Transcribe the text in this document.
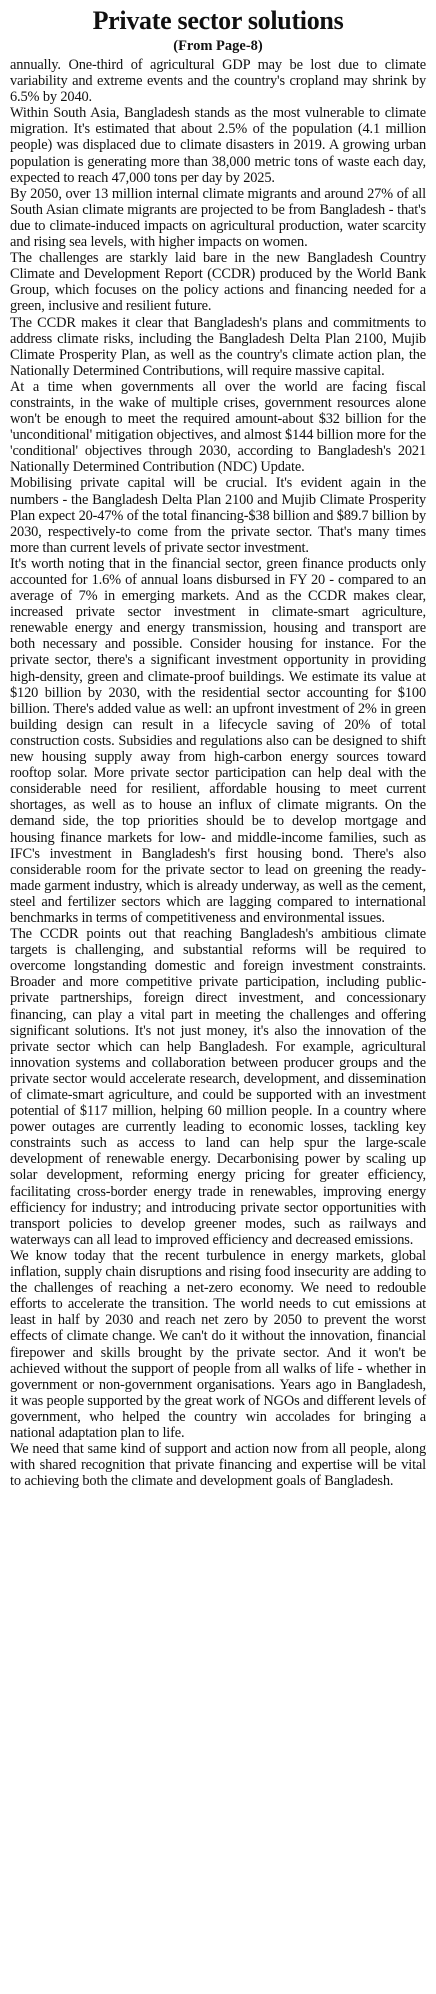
Private sector solutions
(From Page-8)

annually. One-third of agricultural GDP may be lost due to climate variability and extreme events and the country's cropland may shrink by 6.5% by 2040.

Within South Asia, Bangladesh stands as the most vulnerable to climate migration. It's estimated that about 2.5% of the population (4.1 million people) was displaced due to climate disasters in 2019. A growing urban population is generating more than 38,000 metric tons of waste each day, expected to reach 47,000 tons per day by 2025.

By 2050, over 13 million internal climate migrants and around 27% of all South Asian climate migrants are projected to be from Bangladesh - that's due to climate-induced impacts on agricultural production, water scarcity and rising sea levels, with higher impacts on women.

The challenges are starkly laid bare in the new Bangladesh Country Climate and Development Report (CCDR) produced by the World Bank Group, which focuses on the policy actions and financing needed for a green, inclusive and resilient future.

The CCDR makes it clear that Bangladesh's plans and commitments to address climate risks, including the Bangladesh Delta Plan 2100, Mujib Climate Prosperity Plan, as well as the country's climate action plan, the Nationally Determined Contributions, will require massive capital.

At a time when governments all over the world are facing fiscal constraints, in the wake of multiple crises, government resources alone won't be enough to meet the required amount-about $32 billion for the 'unconditional' mitigation objectives, and almost $144 billion more for the 'conditional' objectives through 2030, according to Bangladesh's 2021 Nationally Determined Contribution (NDC) Update.

Mobilising private capital will be crucial. It's evident again in the numbers - the Bangladesh Delta Plan 2100 and Mujib Climate Prosperity Plan expect 20-47% of the total financing-$38 billion and $89.7 billion by 2030, respectively-to come from the private sector. That's many times more than current levels of private sector investment.

It's worth noting that in the financial sector, green finance products only accounted for 1.6% of annual loans disbursed in FY 20 - compared to an average of 7% in emerging markets. And as the CCDR makes clear, increased private sector investment in climate-smart agriculture, renewable energy and energy transmission, housing and transport are both necessary and possible. Consider housing for instance. For the private sector, there's a significant investment opportunity in providing high-density, green and climate-proof buildings. We estimate its value at $120 billion by 2030, with the residential sector accounting for $100 billion. There's added value as well: an upfront investment of 2% in green building design can result in a lifecycle saving of 20% of total construction costs. Subsidies and regulations also can be designed to shift new housing supply away from high-carbon energy sources toward rooftop solar. More private sector participation can help deal with the considerable need for resilient, affordable housing to meet current shortages, as well as to house an influx of climate migrants. On the demand side, the top priorities should be to develop mortgage and housing finance markets for low- and middle-income families, such as IFC's investment in Bangladesh's first housing bond. There's also considerable room for the private sector to lead on greening the ready-made garment industry, which is already underway, as well as the cement, steel and fertilizer sectors which are lagging compared to international benchmarks in terms of competitiveness and environmental issues.

The CCDR points out that reaching Bangladesh's ambitious climate targets is challenging, and substantial reforms will be required to overcome longstanding domestic and foreign investment constraints. Broader and more competitive private participation, including public-private partnerships, foreign direct investment, and concessionary financing, can play a vital part in meeting the challenges and offering significant solutions. It's not just money, it's also the innovation of the private sector which can help Bangladesh. For example, agricultural innovation systems and collaboration between producer groups and the private sector would accelerate research, development, and dissemination of climate-smart agriculture, and could be supported with an investment potential of $117 million, helping 60 million people. In a country where power outages are currently leading to economic losses, tackling key constraints such as access to land can help spur the large-scale development of renewable energy. Decarbonising power by scaling up solar development, reforming energy pricing for greater efficiency, facilitating cross-border energy trade in renewables, improving energy efficiency for industry; and introducing private sector opportunities with transport policies to develop greener modes, such as railways and waterways can all lead to improved efficiency and decreased emissions.

We know today that the recent turbulence in energy markets, global inflation, supply chain disruptions and rising food insecurity are adding to the challenges of reaching a net-zero economy. We need to redouble efforts to accelerate the transition. The world needs to cut emissions at least in half by 2030 and reach net zero by 2050 to prevent the worst effects of climate change. We can't do it without the innovation, financial firepower and skills brought by the private sector. And it won't be achieved without the support of people from all walks of life - whether in government or non-government organisations. Years ago in Bangladesh, it was people supported by the great work of NGOs and different levels of government, who helped the country win accolades for bringing a national adaptation plan to life.

We need that same kind of support and action now from all people, along with shared recognition that private financing and expertise will be vital to achieving both the climate and development goals of Bangladesh.
